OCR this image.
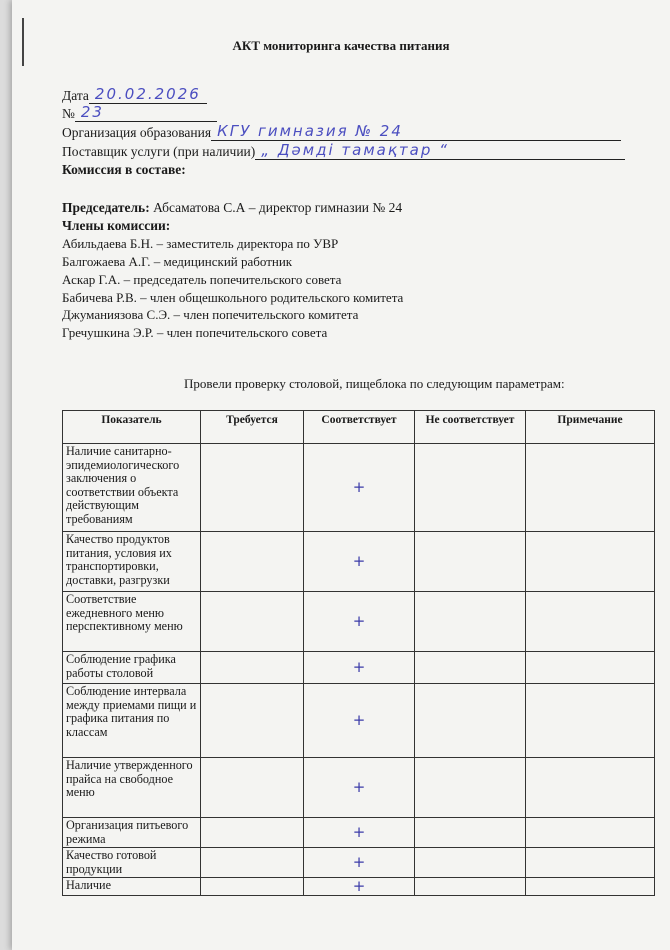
АКТ мониторинга качества питания
Дата 20.02.2026
№ 23
Организация образования КГУ гимназия № 24
Поставщик услуги (при наличии) „ Дәмді тамақтар “
Комиссия в составе:
Председатель: Абсаматова С.А – директор гимназии № 24
Члены комиссии:
Абильдаева Б.Н. – заместитель директора по УВР
Балгожаева А.Г. – медицинский работник
Аскар Г.А. – председатель попечительского совета
Бабичева Р.В. – член общешкольного родительского комитета
Джуманиязова С.Э. – член попечительского комитета
Гречушкина Э.Р. – член попечительского совета
Провели проверку столовой, пищеблока по следующим параметрам:
Показатель	Требуется	Соответствует	Не соответствует	Примечание
Наличие санитарно-эпидемиологического заключения о соответствии объекта действующим требованиям		+		
Качество продуктов питания, условия их транспортировки, доставки, разгрузки		+		
Соответствие ежедневного меню перспективному меню		+		
Соблюдение графика работы столовой		+		
Соблюдение интервала между приемами пищи и графика питания по классам		+		
Наличие утвержденного прайса на свободное меню		+		
Организация питьевого режима		+		
Качество готовой продукции		+		
Наличие		+		
